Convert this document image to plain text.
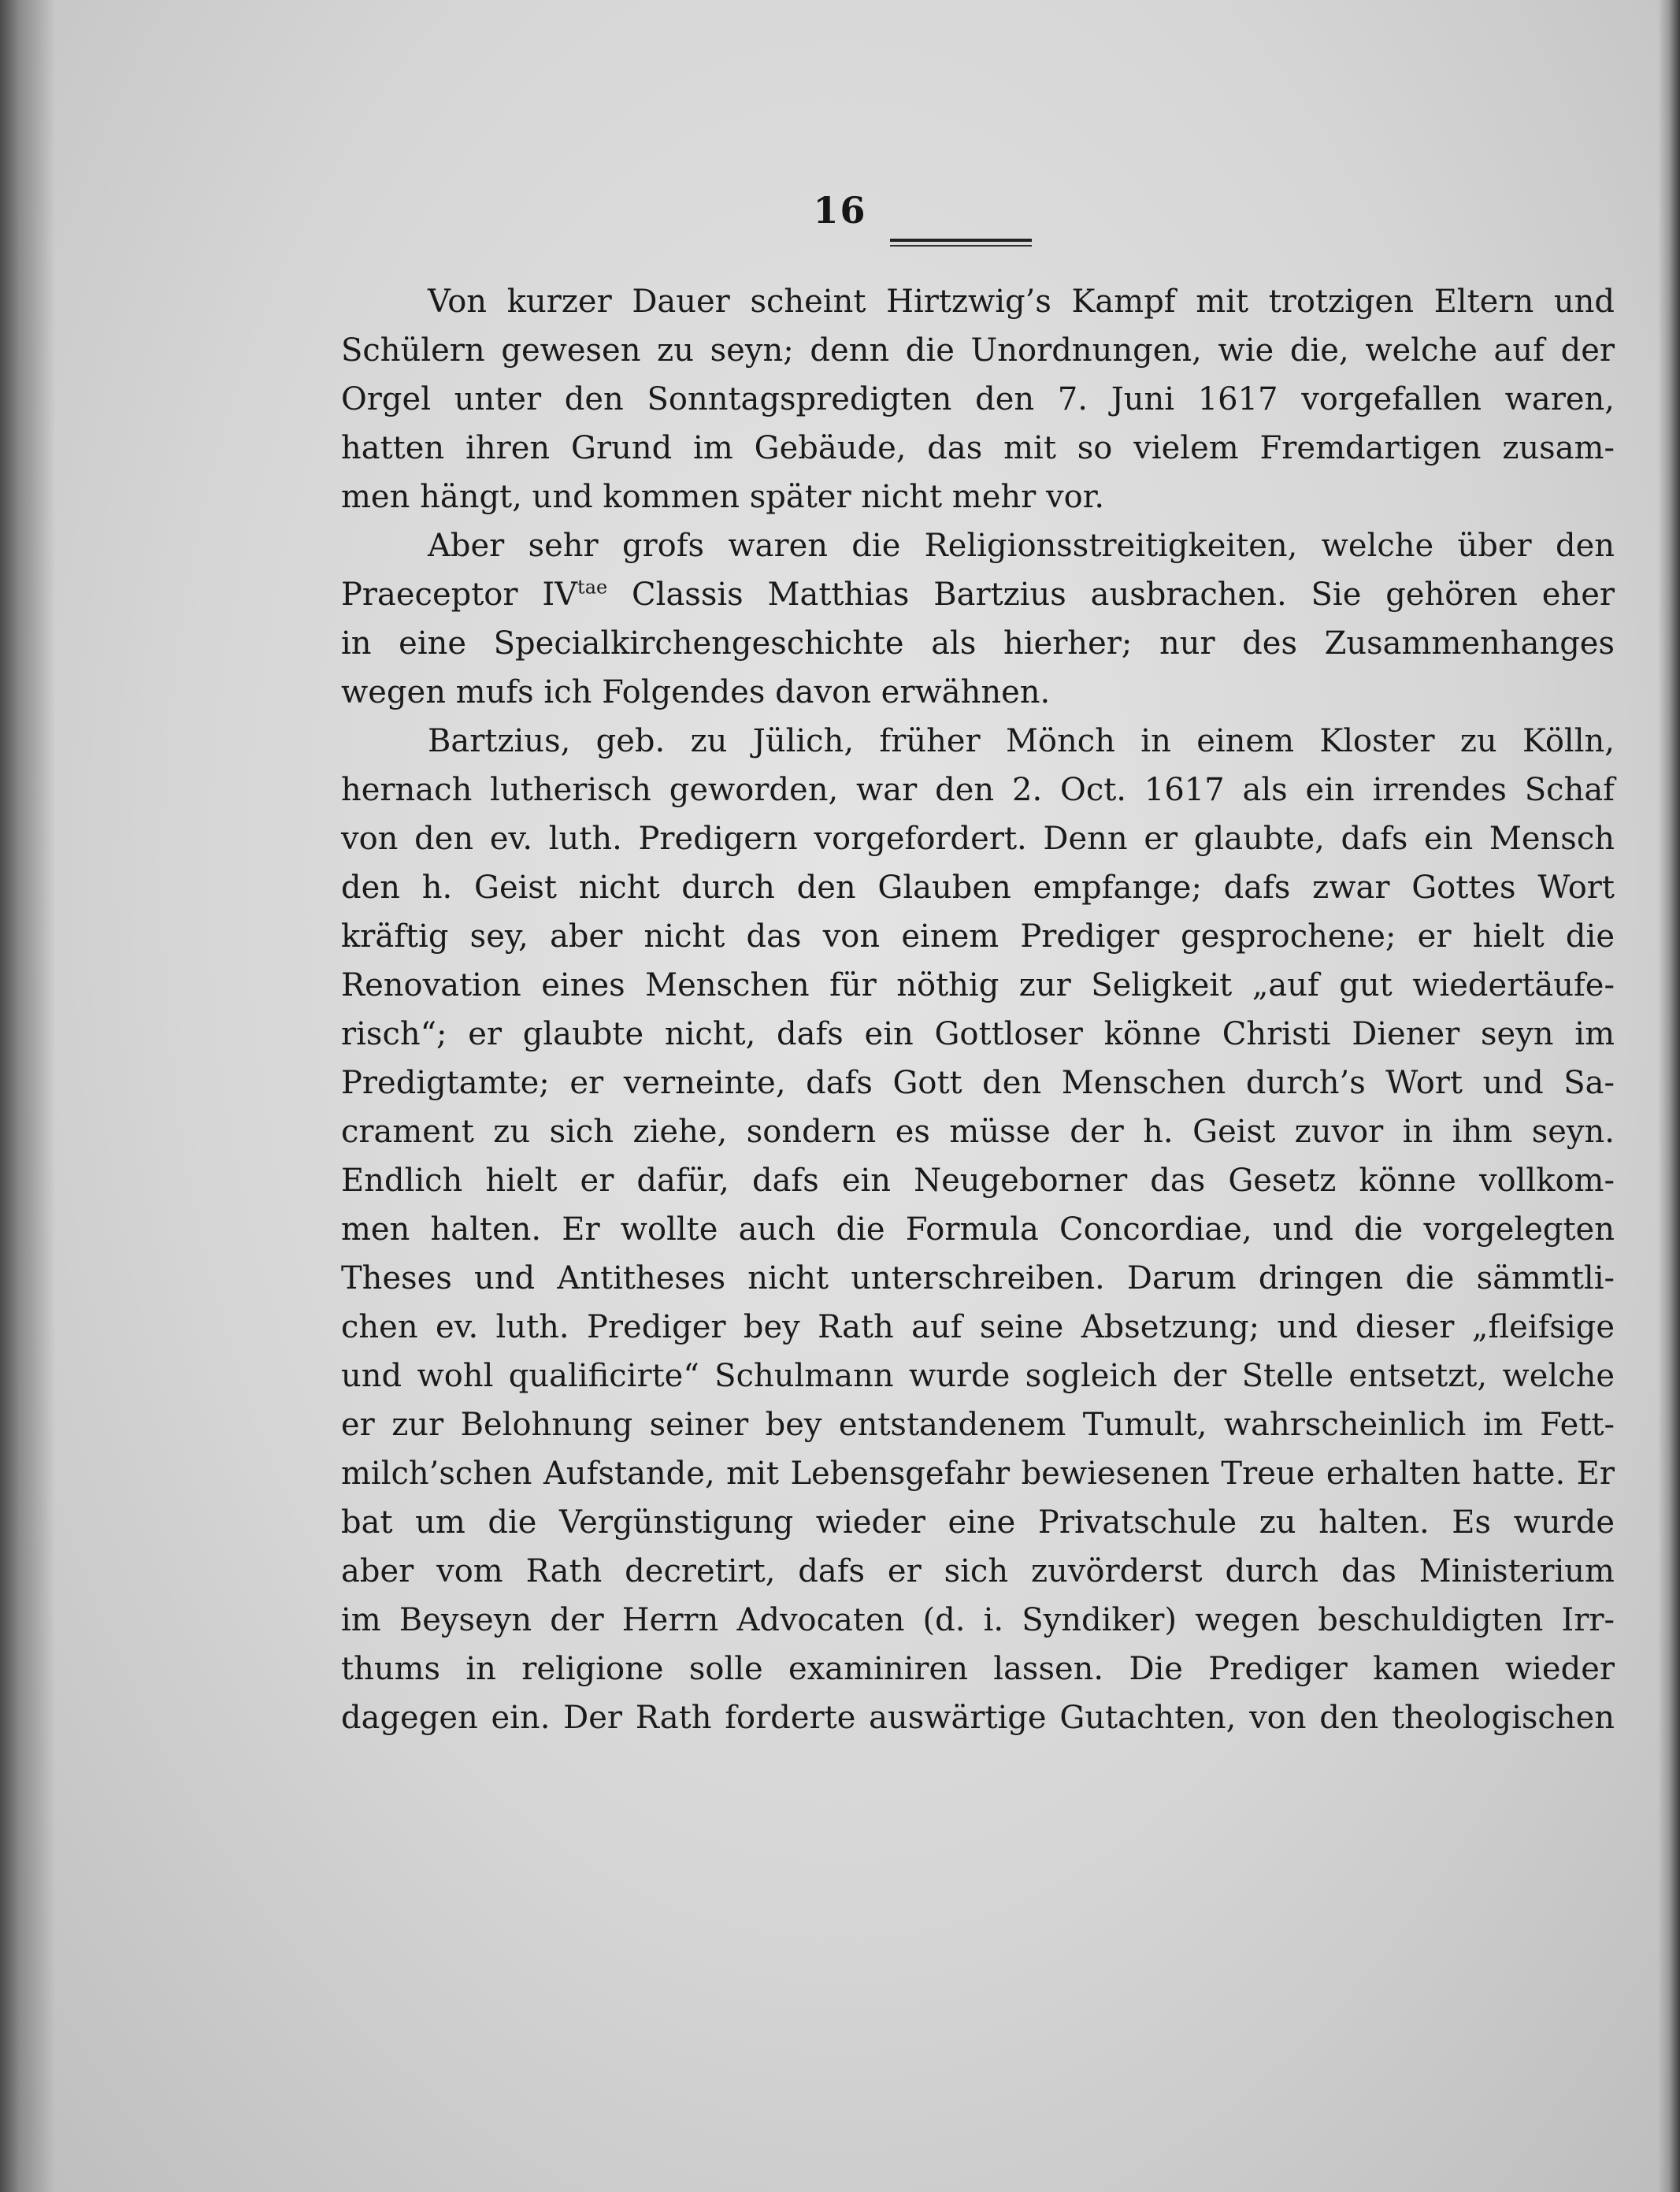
16
Von kurzer Dauer scheint Hirtzwig’s Kampf mit trotzigen Eltern und
Schülern gewesen zu seyn; denn die Unordnungen, wie die, welche auf der
Orgel unter den Sonntagspredigten den 7. Juni 1617 vorgefallen waren,
hatten ihren Grund im Gebäude, das mit so vielem Fremdartigen zusam-
men hängt, und kommen später nicht mehr vor.
Aber sehr grofs waren die Religionsstreitigkeiten, welche über den
Praeceptor $IV^{tae}$ Classis Matthias Bartzius ausbrachen. Sie gehören eher
in eine Specialkirchengeschichte als hierher; nur des Zusammenhanges
wegen mufs ich Folgendes davon erwähnen.
Bartzius, geb. zu Jülich, früher Mönch in einem Kloster zu Kölln,
hernach lutherisch geworden, war den 2. Oct. 1617 als ein irrendes Schaf
von den ev. luth. Predigern vorgefordert. Denn er glaubte, dafs ein Mensch
den h. Geist nicht durch den Glauben empfange; dafs zwar Gottes Wort
kräftig sey, aber nicht das von einem Prediger gesprochene; er hielt die
Renovation eines Menschen für nöthig zur Seligkeit „auf gut wiedertäufe-
risch“; er glaubte nicht, dafs ein Gottloser könne Christi Diener seyn im
Predigtamte; er verneinte, dafs Gott den Menschen durch’s Wort und Sa-
crament zu sich ziehe, sondern es müsse der h. Geist zuvor in ihm seyn.
Endlich hielt er dafür, dafs ein Neugeborner das Gesetz könne vollkom-
men halten. Er wollte auch die Formula Concordiae, und die vorgelegten
Theses und Antitheses nicht unterschreiben. Darum dringen die sämmtli-
chen ev. luth. Prediger bey Rath auf seine Absetzung; und dieser „fleifsige
und wohl qualificirte“ Schulmann wurde sogleich der Stelle entsetzt, welche
er zur Belohnung seiner bey entstandenem Tumult, wahrscheinlich im Fett-
milch’schen Aufstande, mit Lebensgefahr bewiesenen Treue erhalten hatte. Er
bat um die Vergünstigung wieder eine Privatschule zu halten. Es wurde
aber vom Rath decretirt, dafs er sich zuvörderst durch das Ministerium
im Beyseyn der Herrn Advocaten (d. i. Syndiker) wegen beschuldigten Irr-
thums in religione solle examiniren lassen. Die Prediger kamen wieder
dagegen ein. Der Rath forderte auswärtige Gutachten, von den theologischen
